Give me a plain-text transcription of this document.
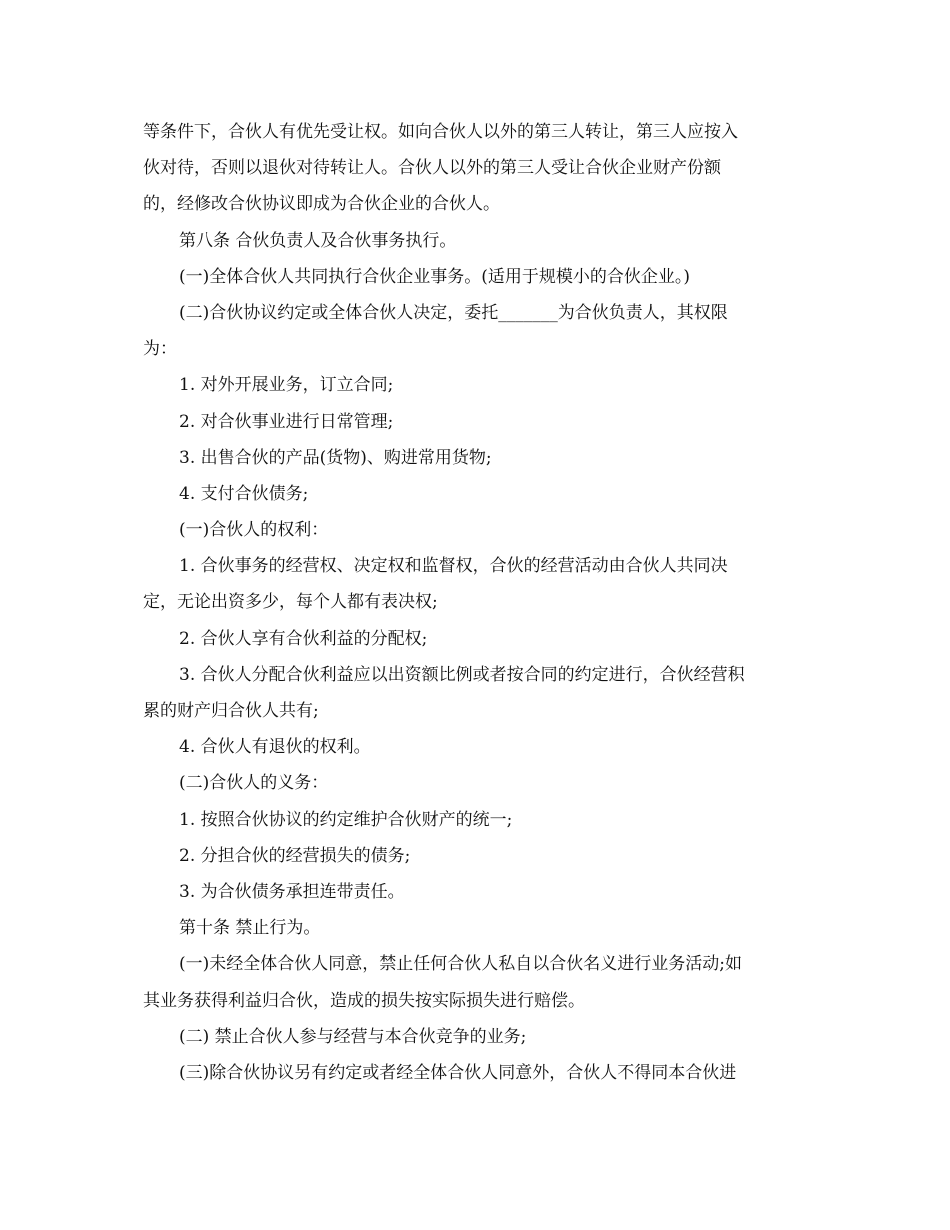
等条件下，合伙人有优先受让权。如向合伙人以外的第三人转让，第三人应按入
伙对待，否则以退伙对待转让人。合伙人以外的第三人受让合伙企业财产份额
的，经修改合伙协议即成为合伙企业的合伙人。
第八条 合伙负责人及合伙事务执行。
(一)全体合伙人共同执行合伙企业事务。(适用于规模小的合伙企业。)
(二)合伙协议约定或全体合伙人决定，委托_______为合伙负责人，其权限
为：
1. 对外开展业务，订立合同;
2. 对合伙事业进行日常管理;
3. 出售合伙的产品(货物)、购进常用货物;
4. 支付合伙债务;
(一)合伙人的权利：
1. 合伙事务的经营权、决定权和监督权，合伙的经营活动由合伙人共同决
定，无论出资多少，每个人都有表决权;
2. 合伙人享有合伙利益的分配权;
3. 合伙人分配合伙利益应以出资额比例或者按合同的约定进行，合伙经营积
累的财产归合伙人共有;
4. 合伙人有退伙的权利。
(二)合伙人的义务：
1. 按照合伙协议的约定维护合伙财产的统一;
2. 分担合伙的经营损失的债务;
3. 为合伙债务承担连带责任。
第十条 禁止行为。
(一)未经全体合伙人同意，禁止任何合伙人私自以合伙名义进行业务活动;如
其业务获得利益归合伙，造成的损失按实际损失进行赔偿。
(二) 禁止合伙人参与经营与本合伙竞争的业务;
(三)除合伙协议另有约定或者经全体合伙人同意外，合伙人不得同本合伙进
